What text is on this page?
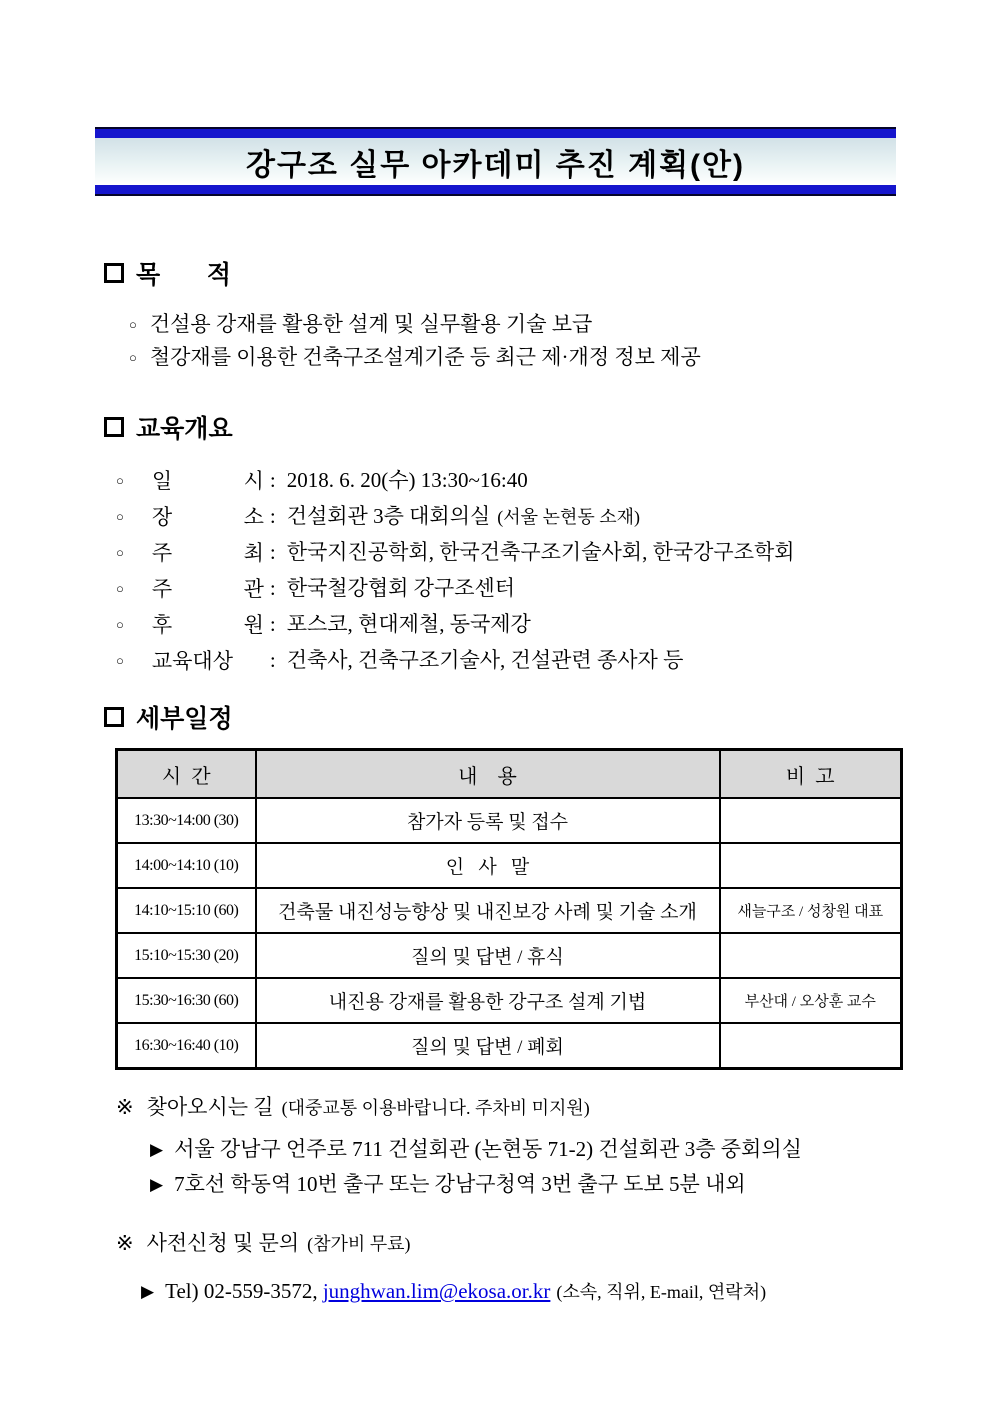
강구조 실무 아카데미 추진 계획(안)
목 적
○ 건설용 강재를 활용한 설계 및 실무활용 기술 보급
○ 철강재를 이용한 건축구조설계기준 등 최근 제·개정 정보 제공
교육개요
○ 일 시 : 2018. 6. 20(수) 13:30~16:40
○ 장 소 : 건설회관 3층 대회의실 (서울 논현동 소재)
○ 주 최 : 한국지진공학회, 한국건축구조기술사회, 한국강구조학회
○ 주 관 : 한국철강협회 강구조센터
○ 후 원 : 포스코, 현대제철, 동국제강
○ 교육대상 : 건축사, 건축구조기술사, 건설관련 종사자 등
세부일정
시  간	내    용	비  고
13:30~14:00 (30)	참가자 등록 및 접수	
14:00~14:10 (10)	인   사   말	
14:10~15:10 (60)	건축물 내진성능향상 및 내진보강 사례 및 기술 소개	새늘구조 / 성창원 대표
15:10~15:30 (20)	질의 및 답변 / 휴식	
15:30~16:30 (60)	내진용 강재를 활용한 강구조 설계 기법	부산대 / 오상훈 교수
16:30~16:40 (10)	질의 및 답변 / 폐회	
※ 찾아오시는 길 (대중교통 이용바랍니다. 주차비 미지원)
▶ 서울 강남구 언주로 711 건설회관 (논현동 71-2) 건설회관 3층 중회의실
▶ 7호선 학동역 10번 출구 또는 강남구청역 3번 출구 도보 5분 내외
※ 사전신청 및 문의 (참가비 무료)
▶ Tel) 02-559-3572, junghwan.lim@ekosa.or.kr (소속, 직위, E-mail, 연락처)
